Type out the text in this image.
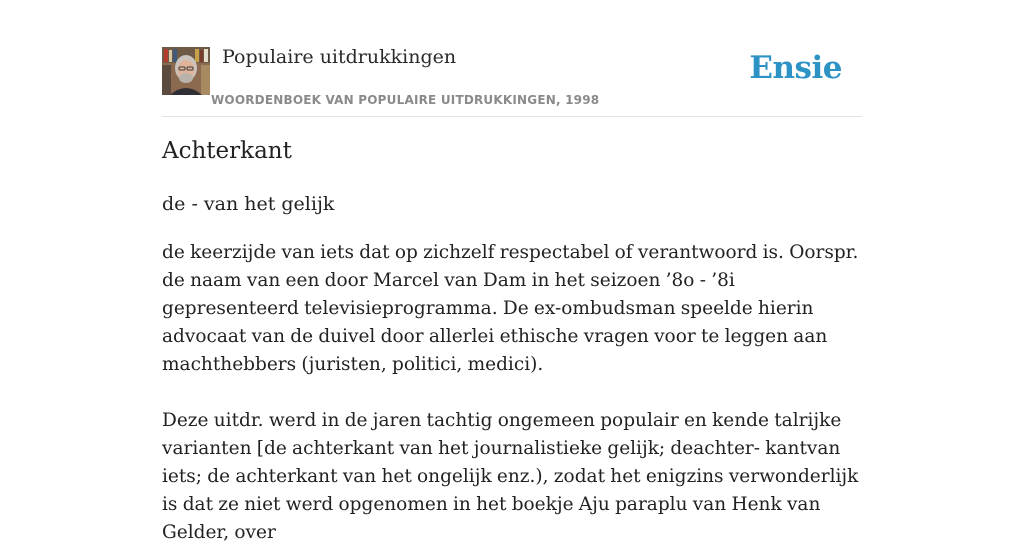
Populaire uitdrukkingen
WOORDENBOEK VAN POPULAIRE UITDRUKKINGEN, 1998
Ensie
Achterkant
de - van het gelijk

de keerzijde van iets dat op zichzelf respectabel of verantwoord is. Oorspr. de naam van een door Marcel van Dam in het seizoen ’8o - ’8i gepresenteerd televisieprogramma. De ex-ombudsman speelde hierin advocaat van de duivel door allerlei ethische vragen voor te leggen aan machthebbers (juristen, politici, medici).

Deze uitdr. werd in de jaren tachtig ongemeen populair en kende talrijke varianten [de achterkant van het journalistieke gelijk; deachter- kantvan iets; de achterkant van het ongelijk enz.), zodat het enigzins verwonderlijk is dat ze niet werd opgenomen in het boekje Aju paraplu van Henk van Gelder, over
